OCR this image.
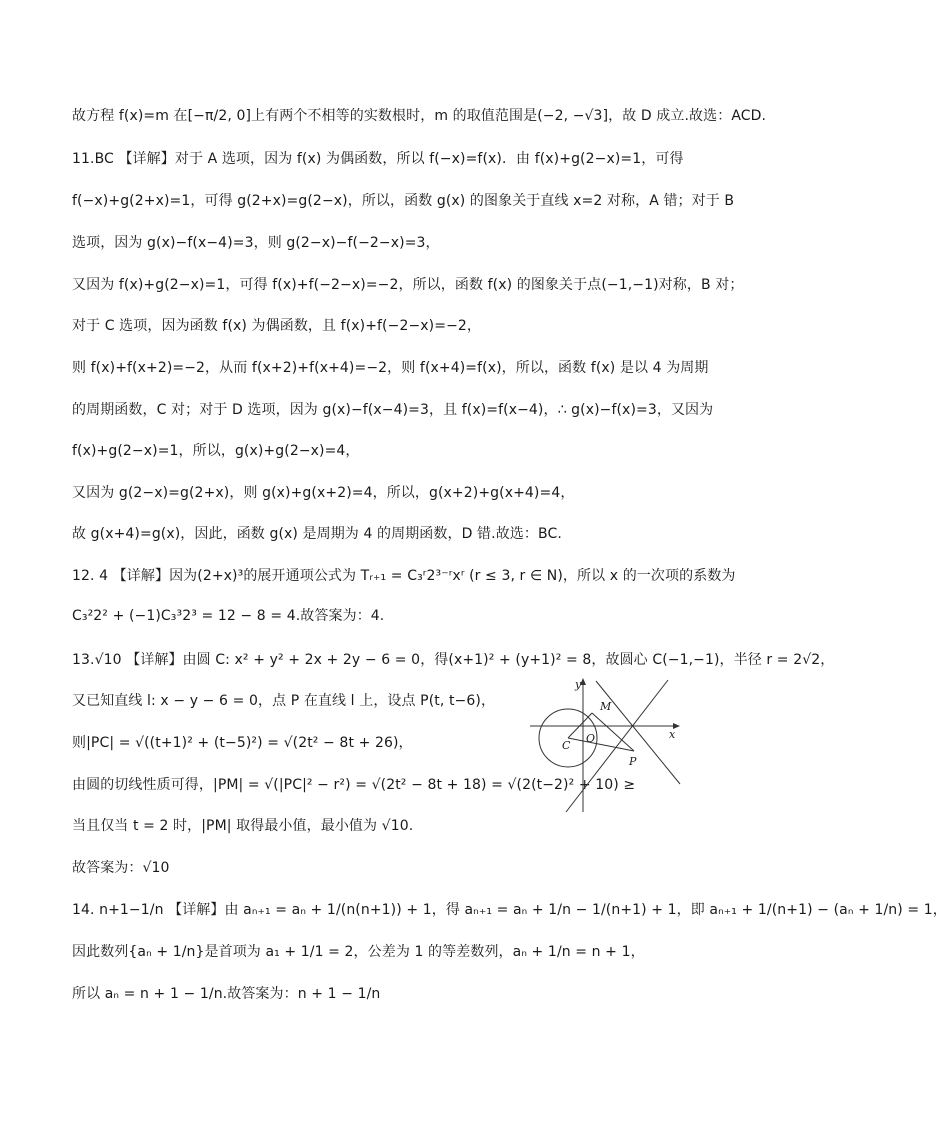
故方程 f(x)=m 在[−π/2, 0]上有两个不相等的实数根时，m 的取值范围是(−2, −√3]，故 D 成立.故选：ACD.
11.BC 【详解】对于 A 选项，因为 f(x) 为偶函数，所以 f(−x)=f(x)．由 f(x)+g(2−x)=1，可得
f(−x)+g(2+x)=1，可得 g(2+x)=g(2−x)，所以，函数 g(x) 的图象关于直线 x=2 对称，A 错；对于 B
选项，因为 g(x)−f(x−4)=3，则 g(2−x)−f(−2−x)=3，
又因为 f(x)+g(2−x)=1，可得 f(x)+f(−2−x)=−2，所以，函数 f(x) 的图象关于点(−1,−1)对称，B 对；
对于 C 选项，因为函数 f(x) 为偶函数，且 f(x)+f(−2−x)=−2，
则 f(x)+f(x+2)=−2，从而 f(x+2)+f(x+4)=−2，则 f(x+4)=f(x)，所以，函数 f(x) 是以 4 为周期
的周期函数，C 对；对于 D 选项，因为 g(x)−f(x−4)=3，且 f(x)=f(x−4)，∴ g(x)−f(x)=3，又因为
f(x)+g(2−x)=1，所以，g(x)+g(2−x)=4，
又因为 g(2−x)=g(2+x)，则 g(x)+g(x+2)=4，所以，g(x+2)+g(x+4)=4，
故 g(x+4)=g(x)，因此，函数 g(x) 是周期为 4 的周期函数，D 错.故选：BC.
12. 4 【详解】因为(2+x)³的展开通项公式为 Tᵣ₊₁ = C₃ʳ2³⁻ʳxʳ (r ≤ 3, r ∈ N)，所以 x 的一次项的系数为
C₃²2² + (−1)C₃³2³ = 12 − 8 = 4.故答案为：4.
13.√10 【详解】由圆 C: x² + y² + 2x + 2y − 6 = 0，得(x+1)² + (y+1)² = 8，故圆心 C(−1,−1)，半径 r = 2√2，
又已知直线 l: x − y − 6 = 0，点 P 在直线 l 上，设点 P(t, t−6)，
则|PC| = √((t+1)² + (t−5)²) = √(2t² − 8t + 26)，
由圆的切线性质可得，|PM| = √(|PC|² − r²) = √(2t² − 8t + 18) = √(2(t−2)² + 10) ≥
当且仅当 t = 2 时，|PM| 取得最小值，最小值为 √10.
故答案为：√10
14. n+1−1/n 【详解】由 aₙ₊₁ = aₙ + 1/(n(n+1)) + 1，得 aₙ₊₁ = aₙ + 1/n − 1/(n+1) + 1，即 aₙ₊₁ + 1/(n+1) − (aₙ + 1/n) = 1，
因此数列{aₙ + 1/n}是首项为 a₁ + 1/1 = 2，公差为 1 的等差数列，aₙ + 1/n = n + 1，
所以 aₙ = n + 1 − 1/n.故答案为：n + 1 − 1/n
y
x
M
C
O
P
